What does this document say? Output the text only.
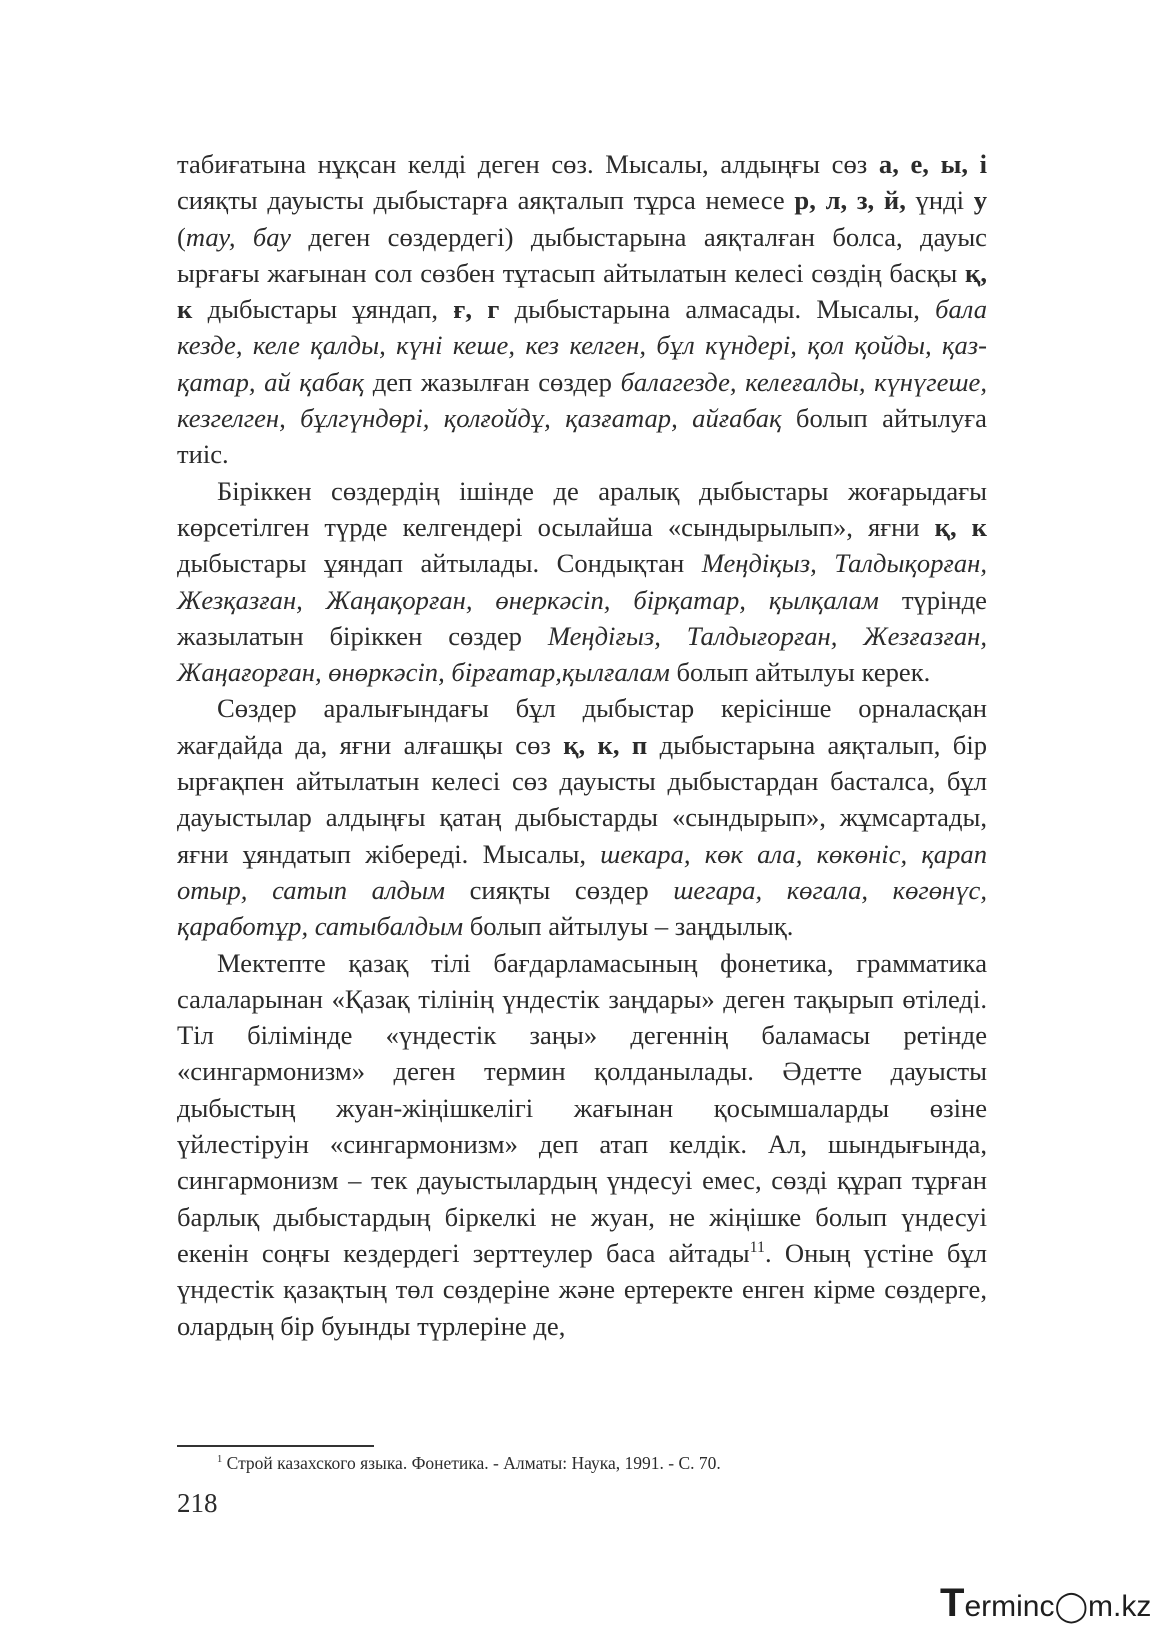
табиғатына нұқсан келді деген сөз. Мысалы, алдыңғы сөз а, е, ы, і сияқты дауысты дыбыстарға аяқталып тұрса немесе р, л, з, й, үнді у (тау, бау деген сөздердегі) дыбыстарына аяқталған болса, дауыс ырғағы жағынан сол сөзбен тұтасып айтылатын келесі сөздің басқы қ, к дыбыстары ұяндап, ғ, г дыбыстарына алмасады. Мысалы, бала кезде, келе қалды, күні кеше, кез келген, бұл күндері, қол қойды, қаз-қатар, ай қабақ деп жазылған сөздер балагезде, келеғалды, күнүгеше, кезгелген, бұлгүндөрі, қолғойдұ, қазғатар, айғабақ болып айтылуға тиіс.

Біріккен сөздердің ішінде де аралық дыбыстары жоғарыдағы көрсетілген түрде келгендері осылайша «сындырылып», яғни қ, к дыбыстары ұяндап айтылады. Сондықтан Меңдіқыз, Талдықорған, Жезқазған, Жаңақорған, өнеркәсіп, бірқатар, қылқалам түрінде жазылатын біріккен сөздер Меңдіғыз, Талдығорған, Жезғазған, Жаңағорған, өнөркәсіп, бірғатар,қылғалам болып айтылуы керек.

Сөздер аралығындағы бұл дыбыстар керісінше орналасқан жағдайда да, яғни алғашқы сөз қ, к, п дыбыстарына аяқталып, бір ырғақпен айтылатын келесі сөз дауысты дыбыстардан басталса, бұл дауыстылар алдыңғы қатаң дыбыстарды «сындырып», жұмсартады, яғни ұяндатып жібереді. Мысалы, шекара, көк ала, көкөніс, қарап отыр, сатып алдым сияқты сөздер шегара, көгала, көгөнүс, қаработұр, сатыбалдым болып айтылуы – заңдылық.

Мектепте қазақ тілі бағдарламасының фонетика, грамматика салаларынан «Қазақ тілінің үндестік заңдары» деген тақырып өтіледі. Тіл білімінде «үндестік заңы» дегеннің баламасы ретінде «сингармонизм» деген термин қолданылады. Әдетте дауысты дыбыстың жуан-жіңішкелігі жағынан қосымшаларды өзіне үйлестіруін «сингармонизм» деп атап келдік. Ал, шындығында, сингармонизм – тек дауыстылардың үндесуі емес, сөзді құрап тұрған барлық дыбыстардың біркелкі не жуан, не жіңішке болып үндесуі екенін соңғы кездердегі зерттеулер баса айтады$^{11}$. Оның үстіне бұл үндестік қазақтың төл сөздеріне және ертеректе енген кірме сөздерге, олардың бір буынды түрлеріне де,

$^1$ Строй казахского языка. Фонетика. - Алматы: Наука, 1991. - С. 70.
218
Terminc◯m.kz
